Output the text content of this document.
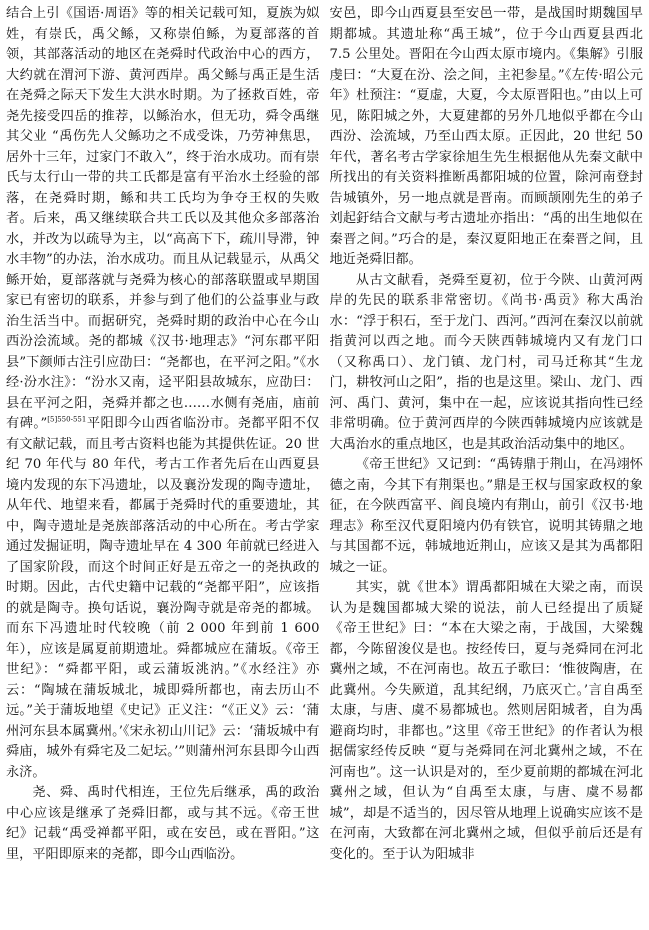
结合上引《国语·周语》等的相关记载可知，夏族为姒姓，有崇氏，禹父鲧，又称崇伯鲧，为夏部落的首领，其部落活动的地区在尧舜时代政治中心的西方，大约就在渭河下游、黄河西岸。禹父鲧与禹正是生活在尧舜之际天下发生大洪水时期。为了拯救百姓，帝尧先接受四岳的推荐，以鲧治水，但无功，舜令禹继其父业 “禹伤先人父鲧功之不成受诛，乃劳神焦思，居外十三年，过家门不敢入”，终于治水成功。而有崇氏与太行山一带的共工氏都是富有平治水土经验的部落，在尧舜时期，鲧和共工氏均为争夺王权的失败者。后来，禹又继续联合共工氏以及其他众多部落治水，并改为以疏导为主，以“高高下下，疏川导滞，钟水丰物”的办法，治水成功。而且从记载显示，从禹父鲧开始，夏部落就与尧舜为核心的部落联盟或早期国家已有密切的联系，并参与到了他们的公益事业与政治生活当中。而据研究，尧舜时期的政治中心在今山西汾浍流域。尧的都城《汉书·地理志》“河东郡平阳县”下颜师古注引应劭曰：“尧都也，在平河之阳。”《水经·汾水注》：“汾水又南，迳平阳县故城东，应劭曰：县在平河之阳，尧舜并都之也……水侧有尧庙，庙前有碑。”$^{[5]550-551}$平阳即今山西省临汾市。尧都平阳不仅有文献记载，而且考古资料也能为其提供佐证。20 世纪 70 年代与 80 年代，考古工作者先后在山西夏县境内发现的东下冯遗址，以及襄汾发现的陶寺遗址，从年代、地望来看，都属于尧舜时代的重要遗址，其中，陶寺遗址是尧族部落活动的中心所在。考古学家通过发掘证明，陶寺遗址早在 4 300 年前就已经进入了国家阶段，而这个时间正好是五帝之一的尧执政的时期。因此，古代史籍中记载的“尧都平阳”，应该指的就是陶寺。换句话说，襄汾陶寺就是帝尧的都城。而东下冯遗址时代较晚（前 2 000 年到前 1 600 年），应该是属夏前期遗址。舜都城应在蒲坂。《帝王世纪》：“舜都平阳，或云蒲坂洮汭。”《水经注》亦云：“陶城在蒲坂城北，城即舜所都也，南去历山不远。”关于蒲坂地望《史记》正义注：“《正义》云：‘蒲州河东县本属冀州。’《宋永初山川记》云：‘蒲坂城中有舜庙，城外有舜宅及二妃坛。’”则蒲州河东县即今山西永济。

尧、舜、禹时代相连，王位先后继承，禹的政治中心应该是继承了尧舜旧都，或与其不远。《帝王世纪》记载“禹受禅都平阳，或在安邑，或在晋阳。”这里，平阳即原来的尧都，即今山西临汾。

安邑，即今山西夏县至安邑一带，是战国时期魏国早期都城。其遗址称“禹王城”，位于今山西夏县西北 7.5 公里处。晋阳在今山西太原市境内。《集解》引服虔曰：“大夏在汾、浍之间，主祀参星。”《左传·昭公元年》杜预注：“夏虚，大夏，今太原晋阳也。”由以上可见，陈阳城之外，大夏建都的另外几地似乎都在今山西汾、浍流域，乃至山西太原。正因此，20 世纪 50 年代，著名考古学家徐旭生先生根据他从先秦文献中所找出的有关资料推断禹都阳城的位置，除河南登封告城镇外，另一地点就是晋南。而顾颉刚先生的弟子刘起釪结合文献与考古遗址亦指出：“禹的出生地似在秦晋之间。”巧合的是，秦汉夏阳地正在秦晋之间，且地近尧舜旧都。

从古文献看，尧舜至夏初，位于今陕、山黄河两岸的先民的联系非常密切。《尚书·禹贡》称大禹治水：“浮于积石，至于龙门、西河。”西河在秦汉以前就指黄河以西之地。而今天陕西韩城境内又有龙门口（又称禹口）、龙门镇、龙门村，司马迁称其“生龙门，耕牧河山之阳”，指的也是这里。梁山、龙门、西河、禹门、黄河，集中在一起，应该说其指向性已经非常明确。位于黄河西岸的今陕西韩城境内应该就是大禹治水的重点地区，也是其政治活动集中的地区。

《帝王世纪》又记到：“禹铸鼎于荆山，在冯翊怀德之南，今其下有荆渠也。”鼎是王权与国家政权的象征，在今陕西富平、阎良境内有荆山，前引《汉书·地理志》称至汉代夏阳境内仍有铁官，说明其铸鼎之地与其国都不远，韩城地近荆山，应该又是其为禹都阳城之一证。

其实，就《世本》谓禹都阳城在大梁之南，而误认为是魏国都城大梁的说法，前人已经提出了质疑《帝王世纪》曰：“本在大梁之南，于战国，大梁魏都，今陈留浚仪是也。按经传曰，夏与尧舜同在河北冀州之域，不在河南也。故五子歌曰：‘惟彼陶唐，在此冀州。今失厥道，乱其纪纲，乃底灭亡。’言自禹至太康，与唐、虞不易都城也。然则居阳城者，自为禹避商均时，非都也。”这里《帝王世纪》的作者认为根据儒家经传反映 “夏与尧舜同在河北冀州之域，不在河南也”。这一认识是对的，至少夏前期的都城在河北冀州之域，但认为“自禹至太康，与唐、虞不易都城”，却是不适当的，因尽管从地理上说确实应该不是在河南，大致都在河北冀州之域，但似乎前后还是有变化的。至于认为阳城非
